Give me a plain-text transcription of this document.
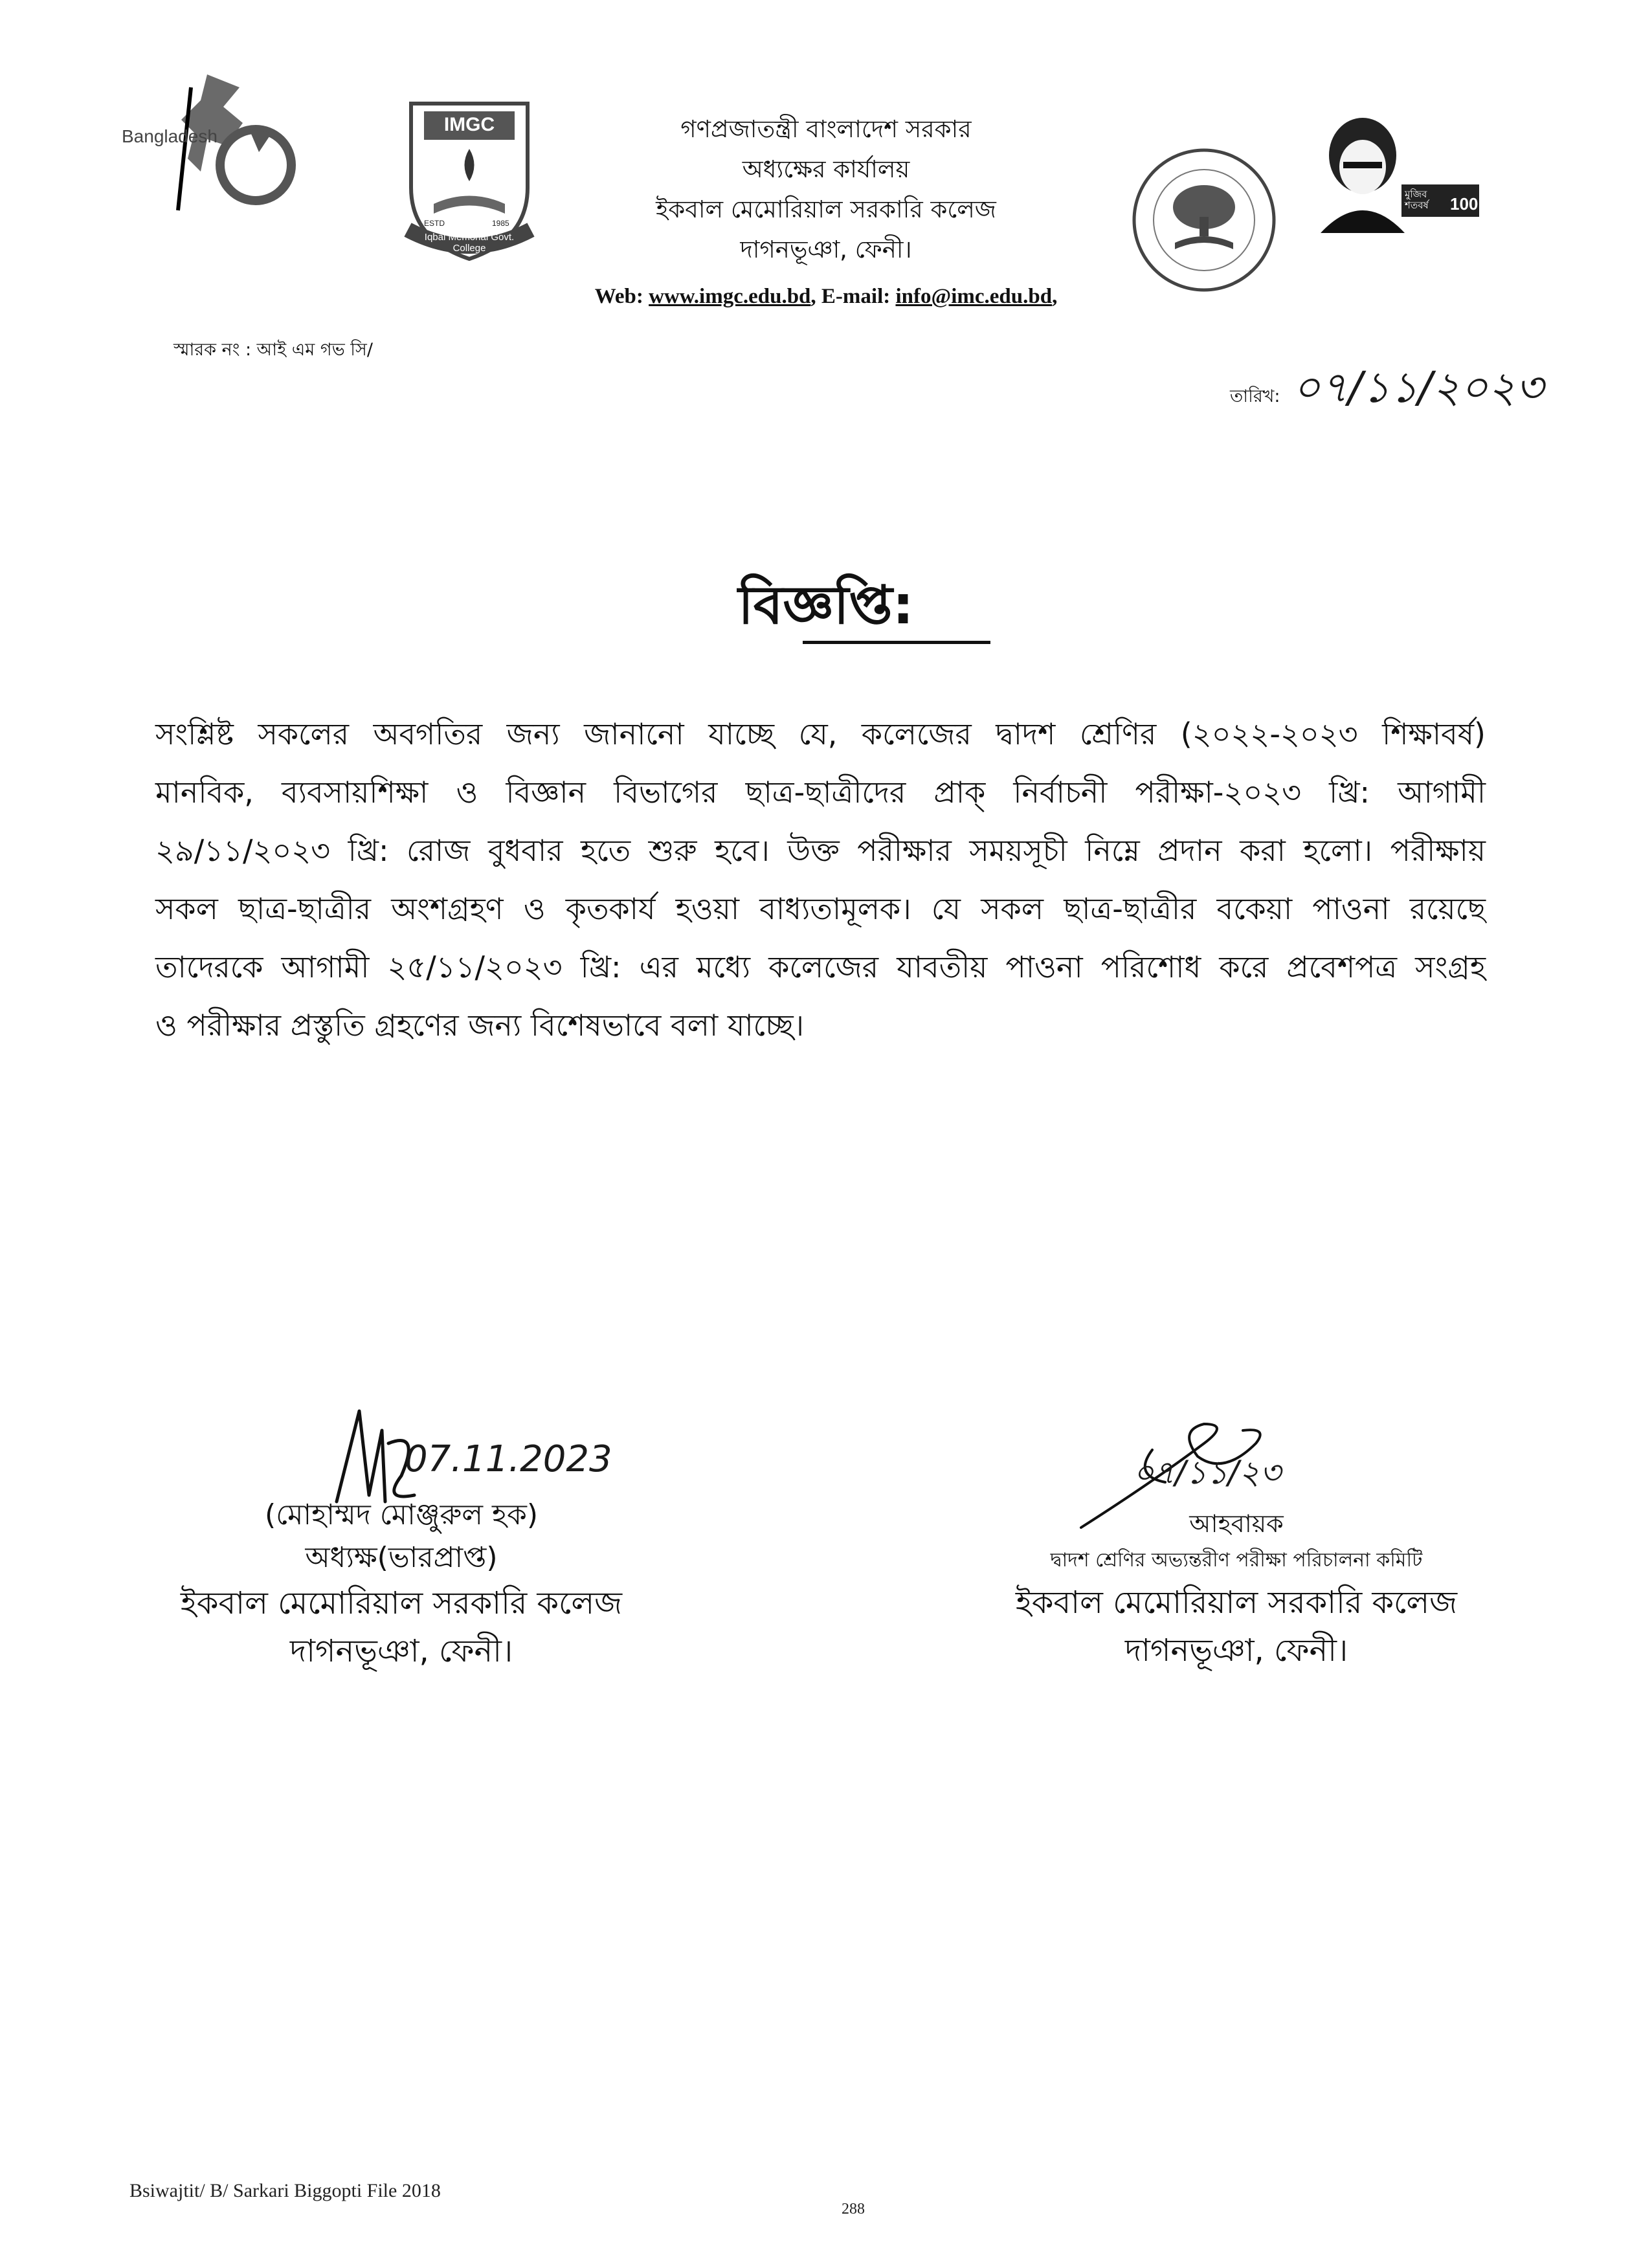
Bangladesh
IMGC
ESTD	1985
Iqbal Memorial Govt. College
মুজিব শতবর্ষ	100
গণপ্রজাতন্ত্রী বাংলাদেশ সরকার
অধ্যক্ষের কার্যালয়
ইকবাল মেমোরিয়াল সরকারি কলেজ
দাগনভূঞা, ফেনী।
Web: www.imgc.edu.bd, E-mail: info@imc.edu.bd,
স্মারক নং : আই এম গভ সি/
তারিখ: ০৭/১১/২০২৩
বিজ্ঞপ্তি:
সংশ্লিষ্ট সকলের অবগতির জন্য জানানো যাচ্ছে যে, কলেজের দ্বাদশ শ্রেণির (২০২২-২০২৩ শিক্ষাবর্ষ)
মানবিক, ব্যবসায়শিক্ষা ও বিজ্ঞান বিভাগের ছাত্র-ছাত্রীদের প্রাক্ নির্বাচনী পরীক্ষা-২০২৩ খ্রি: আগামী
২৯/১১/২০২৩ খ্রি: রোজ বুধবার হতে শুরু হবে। উক্ত পরীক্ষার সময়সূচী নিম্নে প্রদান করা হলো। পরীক্ষায়
সকল ছাত্র-ছাত্রীর অংশগ্রহণ ও কৃতকার্য হওয়া বাধ্যতামূলক। যে সকল ছাত্র-ছাত্রীর বকেয়া পাওনা রয়েছে
তাদেরকে আগামী ২৫/১১/২০২৩ খ্রি: এর মধ্যে কলেজের যাবতীয় পাওনা পরিশোধ করে প্রবেশপত্র সংগ্রহ
ও পরীক্ষার প্রস্তুতি গ্রহণের জন্য বিশেষভাবে বলা যাচ্ছে।
07.11.2023
(মোহাম্মদ মোঞ্জুরুল হক)
অধ্যক্ষ(ভারপ্রাপ্ত)
ইকবাল মেমোরিয়াল সরকারি কলেজ
দাগনভূঞা, ফেনী।
০৭/১১/২৩
আহবায়ক
দ্বাদশ শ্রেণির অভ্যন্তরীণ পরীক্ষা পরিচালনা কমিটি
ইকবাল মেমোরিয়াল সরকারি কলেজ
দাগনভূঞা, ফেনী।
Bsiwajtit/ B/ Sarkari Biggopti File 2018
288
